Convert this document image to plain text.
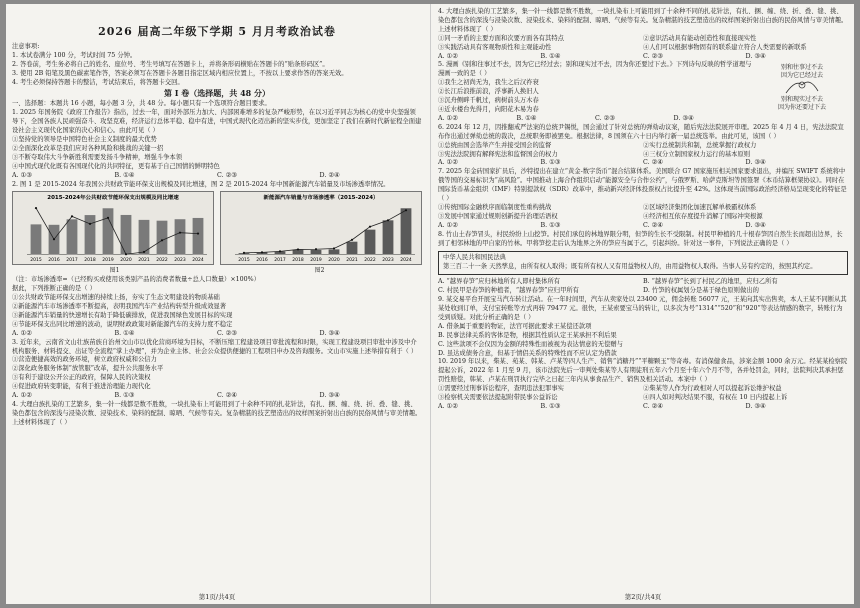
2026 届高二年级下学期 5 月月考政治试卷

注意事项:

1. 本试卷满分 100 分，考试时间 75 分钟。

2. 答卷前，考生务必将自己的姓名、座位号、考生号填写在答题卡上，并将条形码横贴在答题卡的“贴条形码区”。

3. 使用 2B 铅笔及黑色碳素笔作答，答案必须写在答题卡各题目指定区域内相应位置上，不按以上要求作答的答案无效。

4. 考生必须保持答题卡的整洁，考试结束后，将答题卡交回。

第 I 卷（选择题，共 48 分）

一、选择题：本题共 16 小题，每小题 3 分，共 48 分。每小题只有一个选项符合题目要求。

1. 2025 年国务院《政府工作报告》指出，过去一年，面对外部压力加大、内部困难增多的复杂严峻形势，在以习近平同志为核心的党中央坚强领导下，全国各族人民顽强奋斗、攻坚克难，经济运行总体平稳、稳中有进，中国式现代化迈出新的坚实步伐，更加坚定了我们在新时代新征程全面建设社会主义现代化国家的决心和信心。由此可见（ ）

①坚持党的领导是中国特色社会主义制度的最大优势

②全面深化改革是我们应对各种风险和挑战的关键一招

③不断夺取伟大斗争新胜利需要发扬斗争精神，增强斗争本领

④中国式现代化既有各国现代化的共同特征，更有基于自己国情的鲜明特色

A. ①③	B. ①④	C. ②③	D. ②④

2. 图 1 是 2015-2024 年我国公共财政节能环保支出规模及同比增速，图 2 是 2015-2024 年中国新能源汽车销量及市场渗透率情况。

2015-2024年公共财政节能环保支出规模及同比增速
2015 2016 2017 2018 2019 2020 2021 2022 2023 2024
新能源汽车销量与市场渗透率（2015-2024）
2015 2016 2017 2018 2019 2020 2021 2022 2023 2024
图1	图2

（注：市场渗透率=（已经购买或使用该类别产品的消费者数量÷总人口数量）×100%）

据此，下列推断正确的是（ ）

①公共财政节能环保支出增速的持续上扬，夯实了生态文明建设的物质基础

②新能源汽车市场渗透率不断提高，表明我国汽车产业结构转型升级成效显著

③新能源汽车销量的快速增长有助于降低碳排放，促进我国绿色发展目标的实现

④节能环保支出同比增速的波动，说明财政政策对新能源汽车的支持力度不稳定

A. ①②	B. ①④	C. ②③	D. ③④

3. 近年来，云南省文山壮族苗族自治州文山市以优化营商环境为目标，不断压缩工程建设项目审批流程和时限，实现工程建设项目审批中涉及中介机构服务、材料提交、出证等全流程“掌上办理”，并为企业主体、社会公众提供便捷的工程项目申办及咨询服务。文山市实施上述举措有利于（ ）

①营造便捷高效的政务环境，树立政府权威和公信力

②深化政务服务体制“放管服”改革，提升公共服务水平

③有利于建设公开公正的政府，保障人民的决策权

④促进政府转变职能，有利于推进治理能力现代化

A. ①②	B. ①③	C. ②④	D. ③④

4. 大理白族扎染的工艺繁多，集一针一线都是数不胜数，一块扎染布上可能用到了十余种不同的扎花针法，有扎、捆、缠、绕、折、叠、缝、挑、染色都包含的深浅与浸染次数、浸染技术、染料的配制、晾晒、气候等有关。复杂精湛的技艺塑造出的纹样图案折射出白族的民俗风情与审美情趣。上述材料体现了（ ）

第1页/共4页

4. 大理白族扎染的工艺繁多，集一针一线都是数不胜数，一块扎染布上可能用到了十余种不同的扎花针法，有扎、捆、缠、绕、折、叠、缝、挑、染色都包含的深浅与浸染次数、浸染技术、染料的配制、晾晒、气候等有关。复杂精湛的技艺塑造出的纹样图案折射出白族的民俗风情与审美情趣。上述材料体现了（ ）

①同一矛盾的主要方面和次要方面各有其特点	②意识活动具有能动创造性和直接现实性
③实践活动具有客观物质性和主观能动性	④人们可以根据事物固有的联系建立符合人类需要的新联系
A. ①②	B. ①④	C. ②③	D. ③④
别和往事过不去
因为它已经过去
别和现实过不去
因为你还要过下去

5. 漫画《别和往事过不去，因为它已经过去；别和现实过不去，因为你还要过下去。》下列诗句反映的哲学道理与漫画一致的是（ ）

①我生之初尚无为，我生之后汉祚衰

②长江后浪推前浪，浮事新人换旧人

③沉舟侧畔千帆过，病树前头万木春

④近水楼台先得月，向阳花木易为春

A. ①②	B. ①④	C. ②③	D. ③④

6. 2024 年 12 月，因推翻戒严法案的总统尹锡悦，国会通过了针对总统的弹劾动议案，随后宪法法院展开审理。2025 年 4 月 4 日，宪法法院宣布作出通过弹劾总统的裁决，总统职务即被罢免。根据法律，8 国须在六十日内举行新一届总统选举。由此可见，该国（ ）

①总统由国会选举产生并接受国会的监督	②实行总统制共和制，总统掌握行政权力
③宪法法院拥有解释宪法和监督国会的权力	④三权分立制国家权力运行的基本原则
A. ①②	B. ①③	C. ②④	D. ③④

7. 2025 年金砖国家扩员后，沙特提出在建立“黄金-数字货币”混合结算体系。美国联合 G7 国家施压相关国家要求退出，并编压 SWIFT 系统将中俄等国的交易标识为“高风险”。中国推动上海合作组织启动“能源安全与合作公约”，与俄罗斯、哈萨克斯坦等国签署《本币结算框架协议》。同时在国际货币基金组织（IMF）特别提款权（SDR）改革中，推动新兴经济体投票权占比提升至 42%。这体现当前国际政治经济格局呈现变化的特征是（ ）

①传统国际金融秩序面临制度性重构挑战	②区域经济集团化加速瓦解单极霸权体系
③发展中国家通过规则创新提升治理话语权	④经济相互依存度提升消解了国际冲突根源
A. ①②	B. ①③	C. ②④	D. ③④

8. 竹山土春笋冒头，村民纷纷上山挖笋。村民们承包的林地界限分明，但笋的生长不受限制。村民甲种植的几十根春笋因自然生长而超出边界，长到了相邻林地的甲自家的竹林。甲将笋挖走后认为地界之外的笋应当属于乙，引起纠纷。针对这一事件，下列说法正确的是（ ）

中华人民共和国民法典

第三百二十一条 天然孳息，由所有权人取得；既有所有权人又有用益物权人的，由用益物权人取得。当事人另有约定的，按照其约定。

A. “越界春笋”应归林地所有人即村集体所有	B. “越界春笋”长到了村民乙的地里，应归乙所有
C. 村民甲是春笋的种植者，“越界春笋”应归甲所有	D. 竹笋的权属划分是基于绿色原则做出的

9. 某交易平台开展宝马汽车转让活动。在一年时间里，汽车从卖家处以 23400 元，佣金转账 56077 元，王某向其实出售卖，本人王某不同断从其某处收到订单，支付宝转账等方式再转 79477 元。很快，王某索要宝马的转让，以多次为号“1314”“520”和“920”等表达情感的数字，转账行为受到质疑。对此分析正确的是（ ）

A. 借条属于重要的物证，法官可据此要求王某偿还款项

B. 民事法律关系的客体是物，根据其性质认定王某承担不利后果

C. 这些款项不会仅因为金额的特殊性而被视为表达情意的无偿赠与

D. 虽达成债务合意，但基于情侣关系的特殊性而不应认定为借款

10. 2019 年以来，柴某、苑某、韩某、卢某等四人生产、销售“消糖丹”“平糖颗玉”等奇毒。有消保健食品，涉案金额 1000 余万元。经某某检察院提起公诉，2022 年 1 月至 9 月，该市法院先后一审判处柴某等人有期徒刑五年六个月至十年六个月不等，各并处罚金，同时，法院判决其承担惩罚性赔偿，韩某、卢某在刑罚执行完毕之日起三年内从事食品生产、销售及相关活动。本案中（ ）

①需要经过刑事诉讼程序，查明违法犯罪事实	②柴某等人作为行政相对人可以提起诉讼维护权益
③检察机关需要依法提起附带民事公益诉讼	④四人如对判决结果不服，有权在 10 日内提起上诉
A. ①②	B. ①③	C. ②④	D. ③④
第2页/共4页
